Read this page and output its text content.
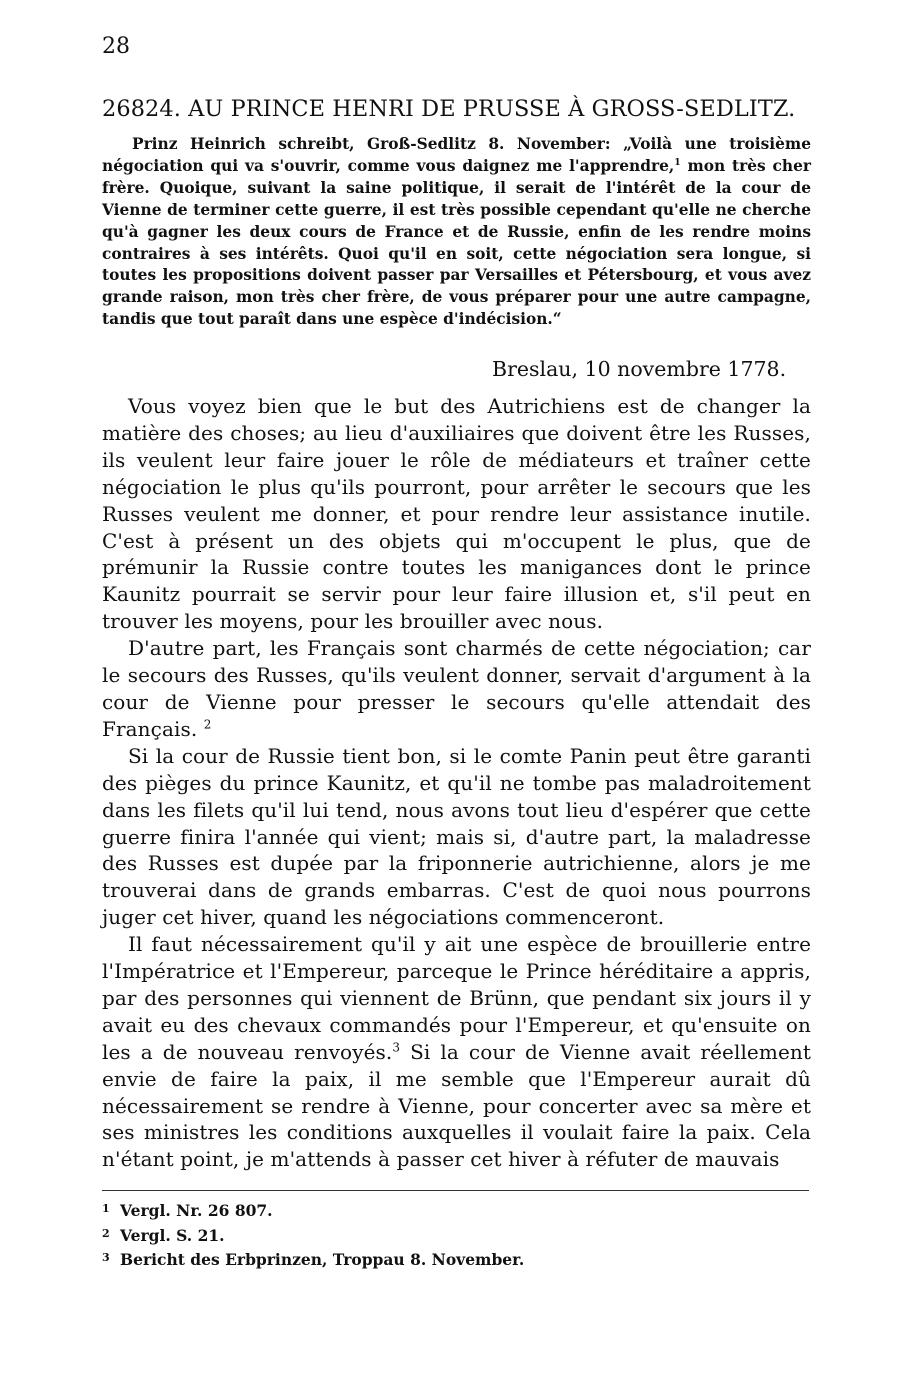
28
26824. AU PRINCE HENRI DE PRUSSE À GROSS-SEDLITZ.

Prinz Heinrich schreibt, Groß-Sedlitz 8. November: „Voilà une troisième négociation qui va s'ouvrir, comme vous daignez me l'apprendre,$^1$ mon très cher frère. Quoique, suivant la saine politique, il serait de l'intérêt de la cour de Vienne de terminer cette guerre, il est très possible cependant qu'elle ne cherche qu'à gagner les deux cours de France et de Russie, enfin de les rendre moins contraires à ses intérêts. Quoi qu'il en soit, cette négociation sera longue, si toutes les propositions doivent passer par Versailles et Pétersbourg, et vous avez grande raison, mon très cher frère, de vous préparer pour une autre campagne, tandis que tout paraît dans une espèce d'indécision.“

Breslau, 10 novembre 1778.

Vous voyez bien que le but des Autrichiens est de changer la matière des choses; au lieu d'auxiliaires que doivent être les Russes, ils veulent leur faire jouer le rôle de médiateurs et traîner cette négociation le plus qu'ils pourront, pour arrêter le secours que les Russes veulent me donner, et pour rendre leur assistance inutile. C'est à présent un des objets qui m'occupent le plus, que de prémunir la Russie contre toutes les manigances dont le prince Kaunitz pourrait se servir pour leur faire illusion et, s'il peut en trouver les moyens, pour les brouiller avec nous.

D'autre part, les Français sont charmés de cette négociation; car le secours des Russes, qu'ils veulent donner, servait d'argument à la cour de Vienne pour presser le secours qu'elle attendait des Français. $^2$

Si la cour de Russie tient bon, si le comte Panin peut être garanti des pièges du prince Kaunitz, et qu'il ne tombe pas maladroitement dans les filets qu'il lui tend, nous avons tout lieu d'espérer que cette guerre finira l'année qui vient; mais si, d'autre part, la maladresse des Russes est dupée par la friponnerie autrichienne, alors je me trouverai dans de grands embarras. C'est de quoi nous pourrons juger cet hiver, quand les négociations commenceront.

Il faut nécessairement qu'il y ait une espèce de brouillerie entre l'Impératrice et l'Empereur, parceque le Prince héréditaire a appris, par des personnes qui viennent de Brünn, que pendant six jours il y avait eu des chevaux commandés pour l'Empereur, et qu'ensuite on les a de nouveau renvoyés.$^3$ Si la cour de Vienne avait réellement envie de faire la paix, il me semble que l'Empereur aurait dû nécessairement se rendre à Vienne, pour concerter avec sa mère et ses ministres les conditions auxquelles il voulait faire la paix. Cela n'étant point, je m'attends à passer cet hiver à réfuter de mauvais

1 Vergl. Nr. 26 807.
2 Vergl. S. 21.
3 Bericht des Erbprinzen, Troppau 8. November.
